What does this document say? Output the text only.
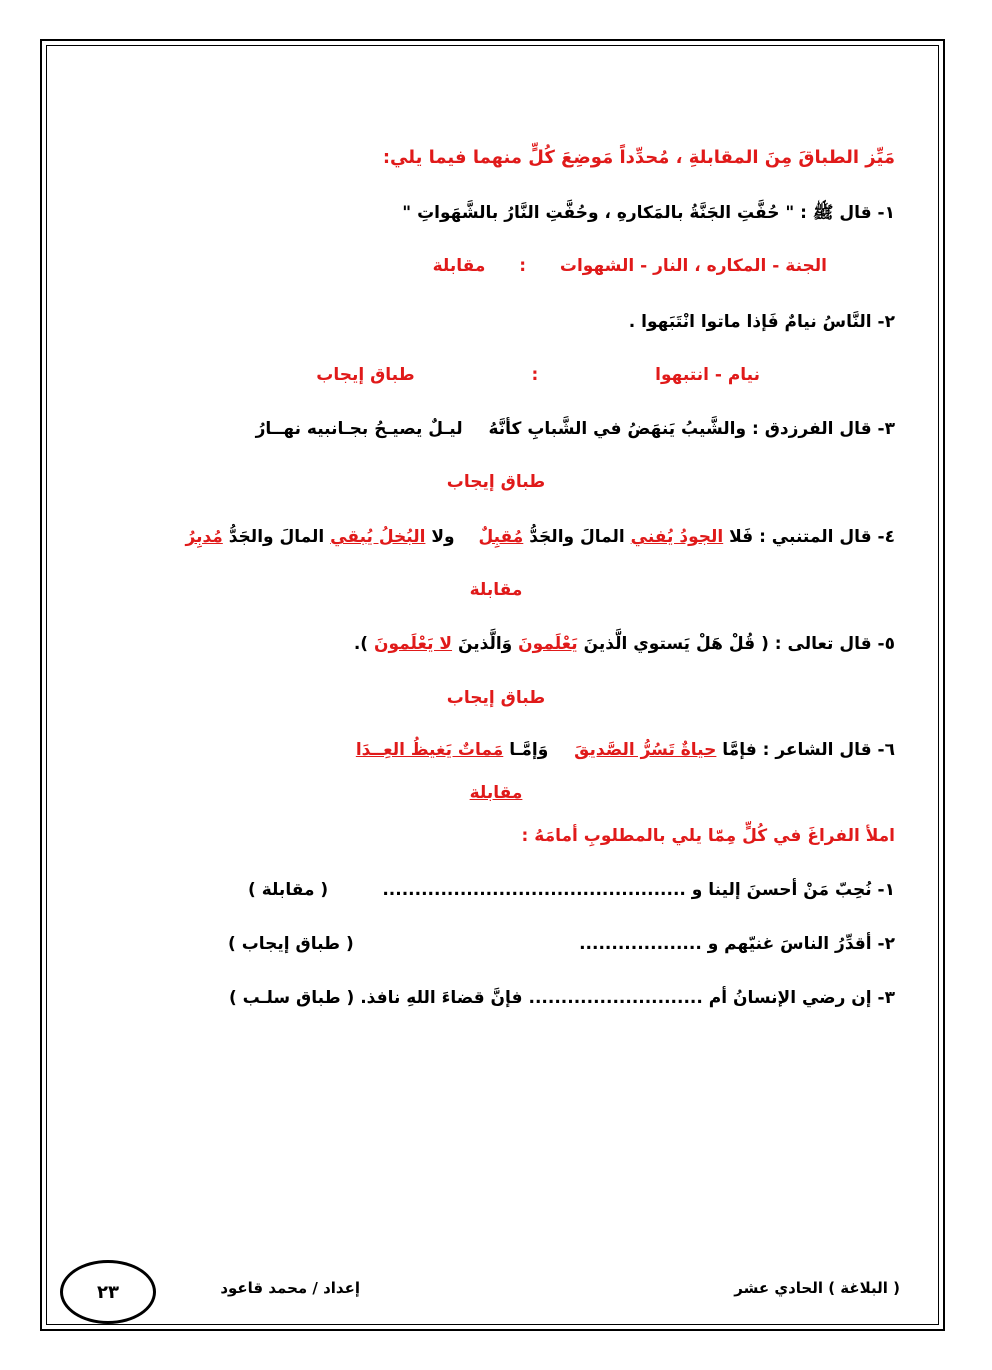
مَيِّز الطباقَ مِنَ المقابلةِ ، مُحدِّداً مَوضِعَ كُلٍّ منهما فيما يلي:
١- قال ﷺ : " حُفَّتِ الجَنَّةُ بالمَكارهِ ، وحُفَّتِ النَّارُ بالشَّهَواتِ "
الجنة - المكاره ، النار - الشهوات  :  مقابلة
٢- النَّاسُ نيامٌ فَإذا ماتوا انْتَبَهوا .
نيام - انتبهوا  :  طباق إيجاب
٣- قال الفرزدق : والشَّيبُ يَنهَضُ في الشَّبابِ كأنَّهُ  ليـلٌ يصيـحُ بجـانبيه نهــارُ
طباق إيجاب
٤- قال المتنبي : فَلا الجودُ يُفني المالَ والجَدُّ مُقبِلٌ  ولا البُخلُ يُبقي المالَ والجَدُّ مُدبِرُ
مقابلة
٥- قال تعالى : ( قُلْ هَلْ يَستوي الَّذينَ يَعْلَمونَ وَالَّذينَ لا يَعْلَمونَ ).
طباق إيجاب
٦- قال الشاعر : فإمَّا حياةٌ تَسُرُّ الصَّديقَ  وَإمَّـا مَماتٌ يَغيظُ العِــدَا
مقابلة
املأ الفراغَ في كُلٍّ مِمّا يلي بالمطلوبِ أمامَهُ :
١- نُحِبّ مَنْ أحسنَ إلينا و ...............................................
( مقابلة )
٢- أقدِّرُ الناسَ غنيّهم و ...................
( طباق إيجاب )
٣- إن رضي الإنسانُ أم ........................... فإنَّ قضاءَ اللهِ نافذ. ( طباق سلـب )
( البلاغة ) الحادي عشر
إعداد / محمد قاعود
٢٣
